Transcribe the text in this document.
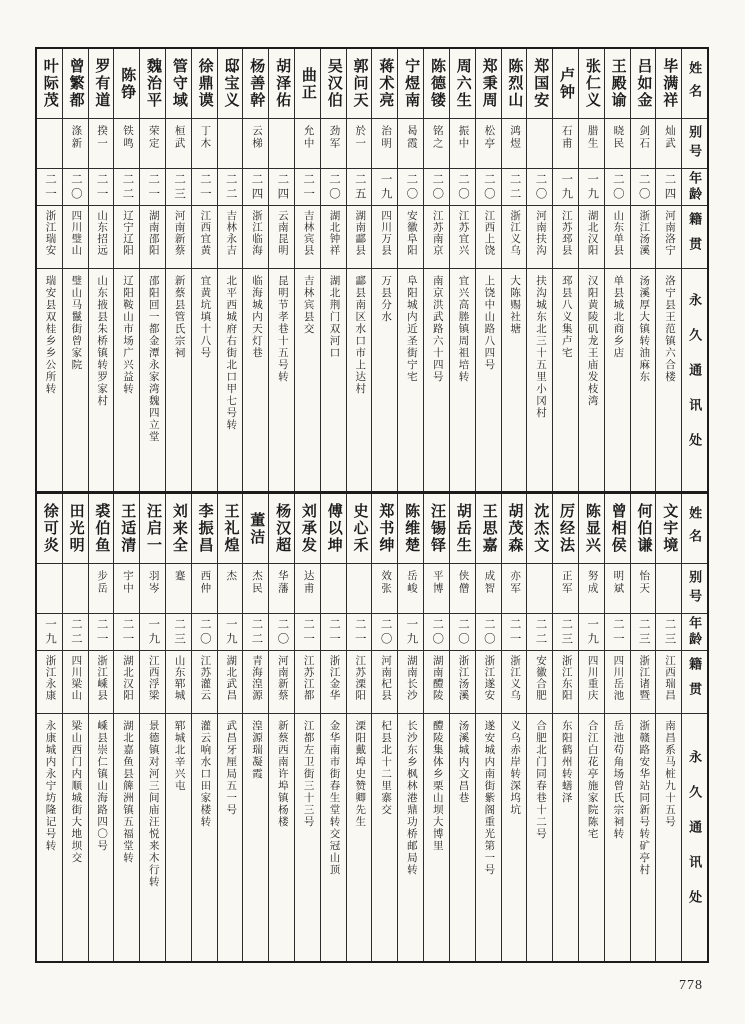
姓名
别号
年龄
籍贯
永久通讯处
毕满祥
灿武
二四
河南洛宁
洛宁县王范镇六合楼
吕如金
剑石
二〇
浙江汤溪
汤溪厚大镇转油麻东
王殿谕
晓民
二〇
山东单县
单县城北商乡店
张仁义
腊生
一九
湖北汉阳
汉阳黄陵矶龙王庙发枝湾
卢钟
石甫
一九
江苏邳县
邳县八义集卢宅
郑国安
二〇
河南扶沟
扶沟城东北三十五里小冈村
陈烈山
鸿煜
二二
浙江义乌
大陈赐社塘
郑秉周
松亭
二〇
江西上饶
上饶中山路八四号
周六生
振中
二〇
江苏宜兴
宜兴高塍镇周祖培转
陈德镂
铭之
二〇
江苏南京
南京洪武路六十四号
宁煜南
曷霞
二〇
安徽阜阳
阜阳城内近圣街宁宅
蒋术亮
治明
一九
四川万县
万县分水
郭问天
於一
二五
湖南酃县
酃县南区水口市上达村
吴汉伯
劲军
二〇
湖北钟祥
湖北荆门双河口
曲正
允中
二一
吉林宾县
吉林宾县交
胡泽佑
二四
云南昆明
昆明节孝巷十五号转
杨善幹
云梯
二四
浙江临海
临海城内天灯巷
邸宝义
二二
吉林永吉
北平西城府右街北口甲七号转
徐鼎谟
丁木
二一
江西宜黄
宜黄坑填十八号
管守域
桓武
二三
河南新蔡
新蔡县管氏宗祠
魏治平
荣定
二一
湖南邵阳
邵阳回一都金潭永家湾魏四立堂
陈铮
铁鸣
二二
辽宁辽阳
辽阳鞍山市场广兴益转
罗有道
揆一
二一
山东招远
山东掖县朱桥镇转罗家村
曾繁都
涤新
二〇
四川璧山
璧山马鬣街曾家院
叶际茂
二一
浙江瑞安
瑞安县双桂乡乡公所转
姓名
别号
年龄
籍贯
永久通讯处
文宇境
二三
江西瑞昌
南昌系马桩九十五号
何伯谦
怡天
二三
浙江诸暨
浙赣路安华站同新号转矿亭村
曾相侯
明斌
二一
四川岳池
岳池苟角场曾氏宗祠转
陈显兴
努成
一九
四川重庆
合江白花亭施家院陈宅
厉经法
正军
二三
浙江东阳
东阳鹤州转蟮泽
沈杰文
二二
安徽合肥
合肥北门同春巷十二号
胡茂森
亦军
二一
浙江义乌
义乌赤岸转深坞坑
王思嘉
成智
二〇
浙江遂安
遂安城内南街紫阁重光第一号
胡岳生
侠僧
二〇
浙江汤溪
汤溪城内文昌巷
汪锡铎
平博
二〇
湖南醴陵
醴陵集体乡栗山坝大博里
陈维楚
岳峻
一九
湖南长沙
长沙东乡枫林港鼎功桥邮局转
郑书绅
效张
二〇
河南杞县
杞县北十二里寨交
史心禾
二一
江苏溧阳
溧阳戴埠史赞卿先生
傅以坤
二一
浙江金华
金华南市街春生堂转交冠山顶
刘承发
达甫
二一
江苏江都
江都左卫街三十三号
杨汉超
华藩
二〇
河南新蔡
新蔡西南许埠镇杨楼
董洁
杰民
二二
青海湟源
湟源瑞凝霞
王礼煌
杰
一九
湖北武昌
武昌牙厘局五一号
李振昌
西仲
二〇
江苏灌云
灌云响水口田家楼转
刘来全
蹇
二三
山东郓城
郓城北辛兴屯
汪启一
羽岑
一九
江西浮梁
景德镇对河三间庙汪悦来木行转
王适清
宇中
二一
湖北汉阳
湖北嘉鱼县簰洲镇五福堂转
裘伯鱼
步岳
二一
浙江嵊县
嵊县崇仁镇山海路四〇号
田光明
二二
四川梁山
梁山西门内顺城街大地坝交
徐可炎
一九
浙江永康
永康城内永宁坊隆记号转
778
